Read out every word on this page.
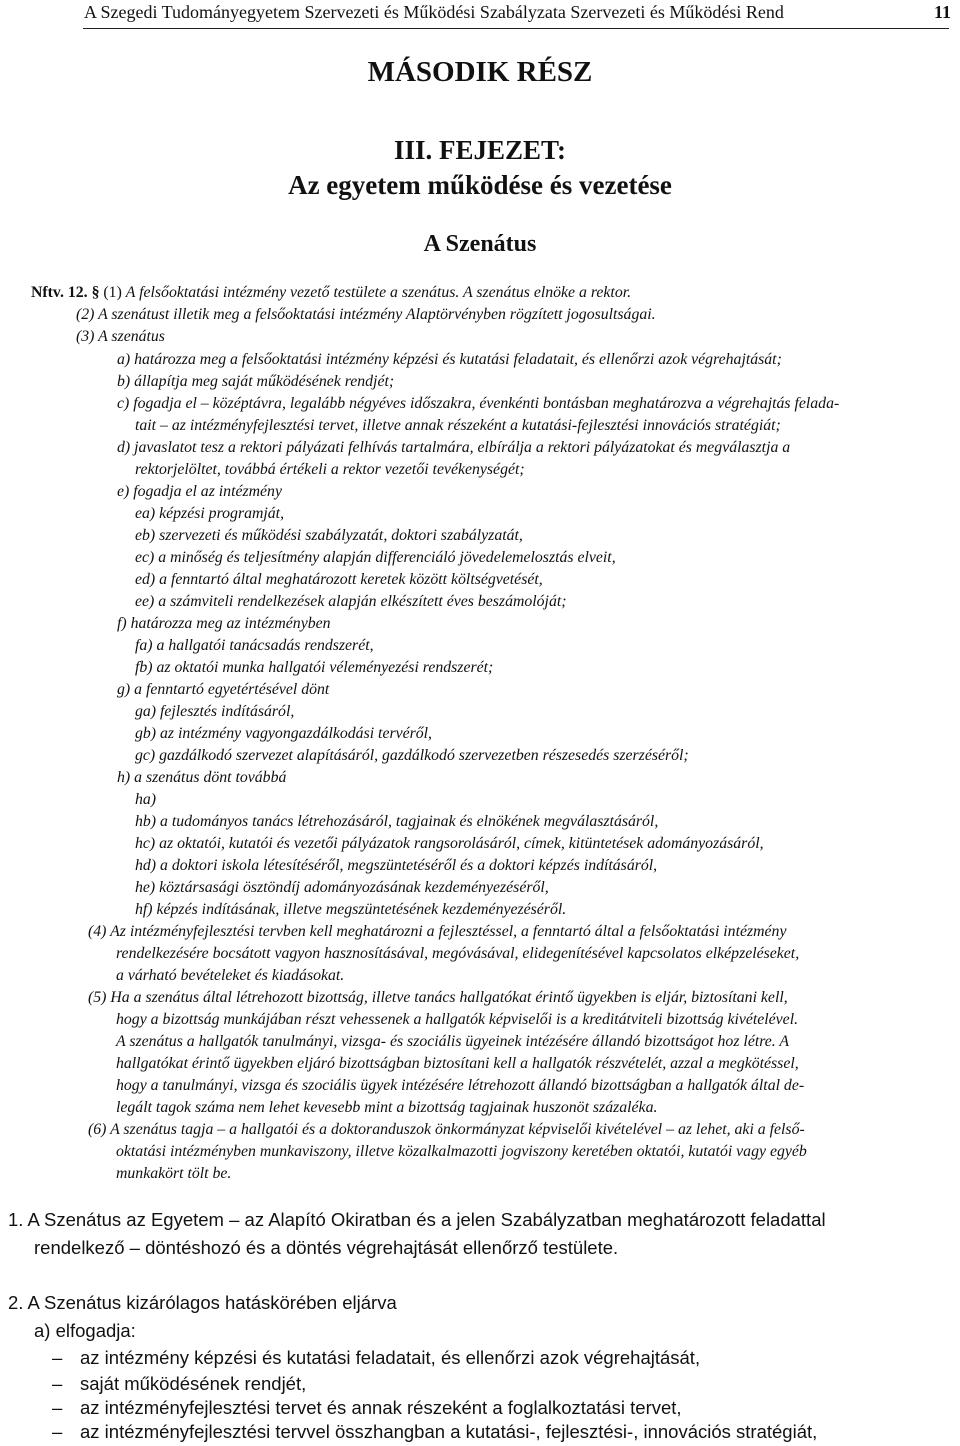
A Szegedi Tudományegyetem Szervezeti és Működési Szabályzata Szervezeti és Működési Rend	11
MÁSODIK RÉSZ
III. FEJEZET:
Az egyetem működése és vezetése
A Szenátus
Nftv. 12. § (1) A felsőoktatási intézmény vezető testülete a szenátus. A szenátus elnöke a rektor.
(2) A szenátust illetik meg a felsőoktatási intézmény Alaptörvényben rögzített jogosultságai.
(3) A szenátus
a) határozza meg a felsőoktatási intézmény képzési és kutatási feladatait, és ellenőrzi azok végrehajtását;
b) állapítja meg saját működésének rendjét;
c) fogadja el – középtávra, legalább négyéves időszakra, évenkénti bontásban meghatározva a végrehajtás felada-
tait – az intézményfejlesztési tervet, illetve annak részeként a kutatási-fejlesztési innovációs stratégiát;
d) javaslatot tesz a rektori pályázati felhívás tartalmára, elbírálja a rektori pályázatokat és megválasztja a
rektorjelöltet, továbbá értékeli a rektor vezetői tevékenységét;
e) fogadja el az intézmény
ea) képzési programját,
eb) szervezeti és működési szabályzatát, doktori szabályzatát,
ec) a minőség és teljesítmény alapján differenciáló jövedelemelosztás elveit,
ed) a fenntartó által meghatározott keretek között költségvetését,
ee) a számviteli rendelkezések alapján elkészített éves beszámolóját;
f) határozza meg az intézményben
fa) a hallgatói tanácsadás rendszerét,
fb) az oktatói munka hallgatói véleményezési rendszerét;
g) a fenntartó egyetértésével dönt
ga) fejlesztés indításáról,
gb) az intézmény vagyongazdálkodási tervéről,
gc) gazdálkodó szervezet alapításáról, gazdálkodó szervezetben részesedés szerzéséről;
h) a szenátus dönt továbbá
ha)
hb) a tudományos tanács létrehozásáról, tagjainak és elnökének megválasztásáról,
hc) az oktatói, kutatói és vezetői pályázatok rangsorolásáról, címek, kitüntetések adományozásáról,
hd) a doktori iskola létesítéséről, megszüntetéséről és a doktori képzés indításáról,
he) köztársasági ösztöndíj adományozásának kezdeményezéséről,
hf) képzés indításának, illetve megszüntetésének kezdeményezéséről.
(4) Az intézményfejlesztési tervben kell meghatározni a fejlesztéssel, a fenntartó által a felsőoktatási intézmény
rendelkezésére bocsátott vagyon hasznosításával, megóvásával, elidegenítésével kapcsolatos elképzeléseket,
a várható bevételeket és kiadásokat.
(5) Ha a szenátus által létrehozott bizottság, illetve tanács hallgatókat érintő ügyekben is eljár, biztosítani kell,
hogy a bizottság munkájában részt vehessenek a hallgatók képviselői is a kreditátviteli bizottság kivételével.
A szenátus a hallgatók tanulmányi, vizsga- és szociális ügyeinek intézésére állandó bizottságot hoz létre. A
hallgatókat érintő ügyekben eljáró bizottságban biztosítani kell a hallgatók részvételét, azzal a megkötéssel,
hogy a tanulmányi, vizsga és szociális ügyek intézésére létrehozott állandó bizottságban a hallgatók által de-
legált tagok száma nem lehet kevesebb mint a bizottság tagjainak huszonöt százaléka.
(6) A szenátus tagja – a hallgatói és a doktoranduszok önkormányzat képviselői kivételével – az lehet, aki a felső-
oktatási intézményben munkaviszony, illetve közalkalmazotti jogviszony keretében oktatói, kutatói vagy egyéb
munkakört tölt be.
1. A Szenátus az Egyetem – az Alapító Okiratban és a jelen Szabályzatban meghatározott feladattal
rendelkező – döntéshozó és a döntés végrehajtását ellenőrző testülete.
2. A Szenátus kizárólagos hatáskörében eljárva
a) elfogadja:
– az intézmény képzési és kutatási feladatait, és ellenőrzi azok végrehajtását,
– saját működésének rendjét,
– az intézményfejlesztési tervet és annak részeként a foglalkoztatási tervet,
– az intézményfejlesztési tervvel összhangban a kutatási-, fejlesztési-, innovációs stratégiát,
